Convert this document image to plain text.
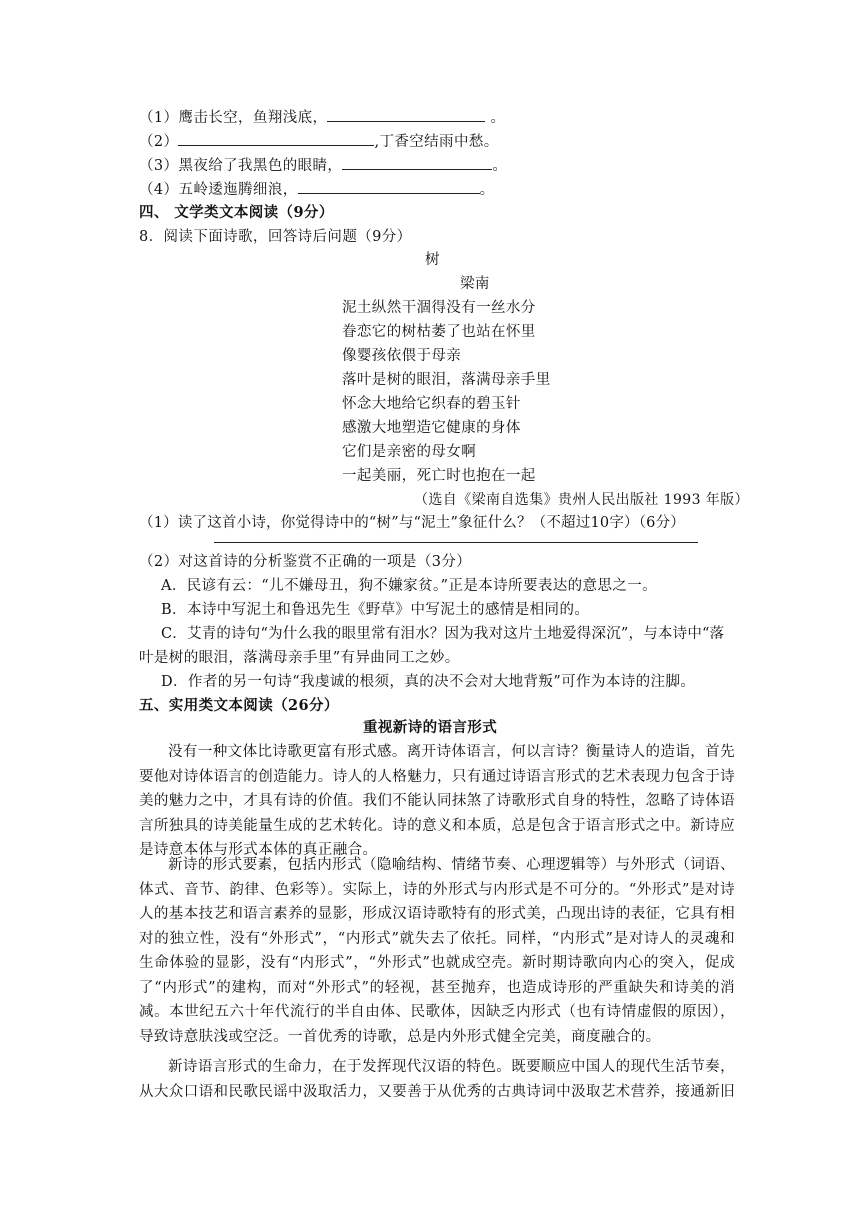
（1）鹰击长空，鱼翔浅底，	。
（2）	,丁香空结雨中愁。
（3）黑夜给了我黑色的眼睛，	。
（4）五岭逶迤腾细浪，	。
四、 文学类文本阅读（9分）
8．阅读下面诗歌，回答诗后问题（9分）
树
梁南
泥土纵然干涸得没有一丝水分
眷恋它的树枯萎了也站在怀里
像婴孩依偎于母亲
落叶是树的眼泪，落满母亲手里
怀念大地给它织春的碧玉针
感激大地塑造它健康的身体
它们是亲密的母女啊
一起美丽，死亡时也抱在一起
（选自《梁南自选集》贵州人民出版社 1993 年版）
（1）读了这首小诗，你觉得诗中的“树”与“泥土”象征什么？（不超过10字）（6分）
（2）对这首诗的分析鉴赏不正确的一项是（3分）
A．民谚有云：“儿不嫌母丑，狗不嫌家贫。”正是本诗所要表达的意思之一。
B．本诗中写泥土和鲁迅先生《野草》中写泥土的感情是相同的。
C．艾青的诗句“为什么我的眼里常有泪水？因为我对这片土地爱得深沉”，与本诗中“落
叶是树的眼泪，落满母亲手里”有异曲同工之妙。
D．作者的另一句诗“我虔诚的根须，真的决不会对大地背叛”可作为本诗的注脚。
五、实用类文本阅读（26分）
重视新诗的语言形式

没有一种文体比诗歌更富有形式感。离开诗体语言，何以言诗？衡量诗人的造诣，首先要他对诗体语言的创造能力。诗人的人格魅力，只有通过诗语言形式的艺术表现力包含于诗美的魅力之中，才具有诗的价值。我们不能认同抹煞了诗歌形式自身的特性，忽略了诗体语言所独具的诗美能量生成的艺术转化。诗的意义和本质，总是包含于语言形式之中。新诗应是诗意本体与形式本体的真正融合。

新诗的形式要素，包括内形式（隐喻结构、情绪节奏、心理逻辑等）与外形式（词语、体式、音节、韵律、色彩等）。实际上，诗的外形式与内形式是不可分的。“外形式”是对诗人的基本技艺和语言素养的显影，形成汉语诗歌特有的形式美，凸现出诗的表征，它具有相对的独立性，没有“外形式”，“内形式”就失去了依托。同样，“内形式”是对诗人的灵魂和生命体验的显影，没有“内形式”，“外形式”也就成空壳。新时期诗歌向内心的突入，促成了“内形式”的建构，而对“外形式”的轻视，甚至抛弃，也造成诗形的严重缺失和诗美的消减。本世纪五六十年代流行的半自由体、民歌体，因缺乏内形式（也有诗情虚假的原因），导致诗意肤浅或空泛。一首优秀的诗歌，总是内外形式健全完美，商度融合的。

新诗语言形式的生命力，在于发挥现代汉语的特色。既要顺应中国人的现代生活节奏，从大众口语和民歌民谣中汲取活力，又要善于从优秀的古典诗词中汲取艺术营养，接通新旧
